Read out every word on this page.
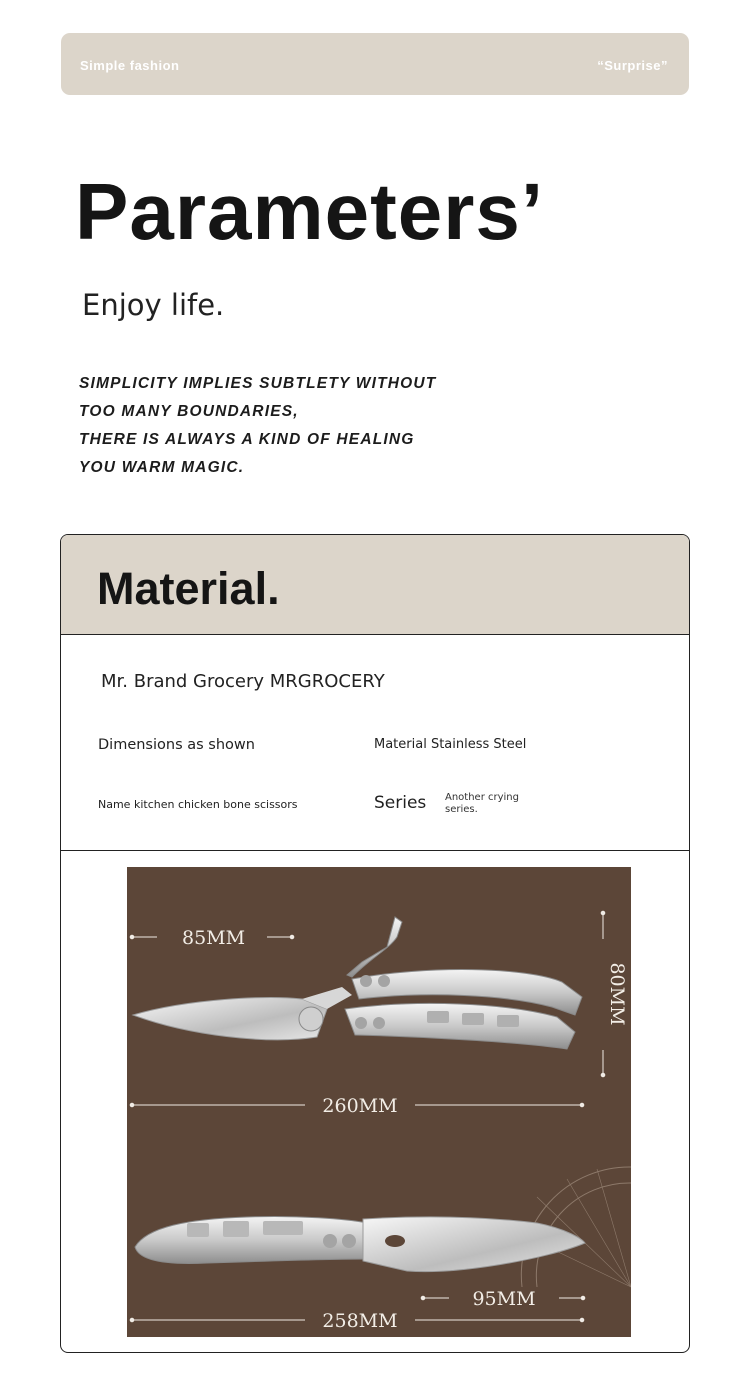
Simple fashion	“Surprise”
Parameters’
Enjoy life.
SIMPLICITY IMPLIES SUBTLETY WITHOUT
TOO MANY BOUNDARIES,
THERE IS ALWAYS A KIND OF HEALING
YOU WARM MAGIC.
Material.
Mr. Brand Grocery MRGROCERY
Dimensions as shown	Material Stainless Steel
Name kitchen chicken bone scissors	Series Another crying series.
85MM
80MM
260MM
95MM
258MM
